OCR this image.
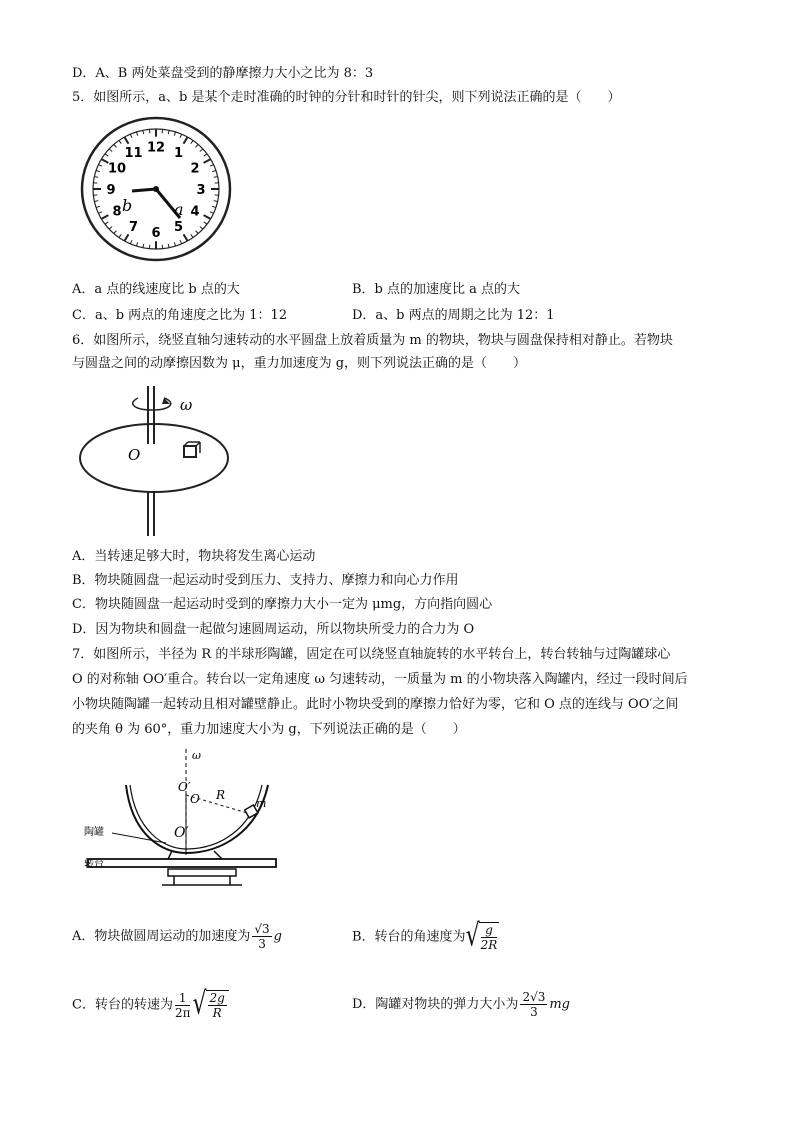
D．A、B 两处菜盘受到的静摩擦力大小之比为 8：3
5．如图所示，a、b 是某个走时准确的时钟的分针和时针的针尖，则下列说法正确的是（　　）
12 1
2
3
4
5
6
7
8
9
10
11
b	a
A．a 点的线速度比 b 点的大	B．b 点的加速度比 a 点的大
C．a、b 两点的角速度之比为 1：12	D．a、b 两点的周期之比为 12：1
6．如图所示，绕竖直轴匀速转动的水平圆盘上放着质量为 m 的物块，物块与圆盘保持相对静止。若物块
与圆盘之间的动摩擦因数为 μ，重力加速度为 g，则下列说法正确的是（　　）
ω
O
A．当转速足够大时，物块将发生离心运动
B．物块随圆盘一起运动时受到压力、支持力、摩擦力和向心力作用
C．物块随圆盘一起运动时受到的摩擦力大小一定为 μmg，方向指向圆心
D．因为物块和圆盘一起做匀速圆周运动，所以物块所受力的合力为 O
7．如图所示，半径为 R 的半球形陶罐，固定在可以绕竖直轴旋转的水平转台上，转台转轴与过陶罐球心
O 的对称轴 OO′重合。转台以一定角速度 ω 匀速转动，一质量为 m 的小物块落入陶罐内，经过一段时间后
小物块随陶罐一起转动且相对罐壁静止。此时小物块受到的摩擦力恰好为零，它和 O 点的连线与 OO′之间
的夹角 θ 为 60°，重力加速度大小为 g，下列说法正确的是（　　）
ω
O′
O R
m
O′
陶罐
转台
A．物块做圆周运动的加速度为 $\frac{√3}{3}$ g	B．转台的角速度为√ $\frac{g}{2R}$
C．转台的转速为 $\frac{1}{2\pi}$ √ $\frac{2g}{R}$	D．陶罐对物块的弹力大小为 $\frac{2√3}{3}$ mg
